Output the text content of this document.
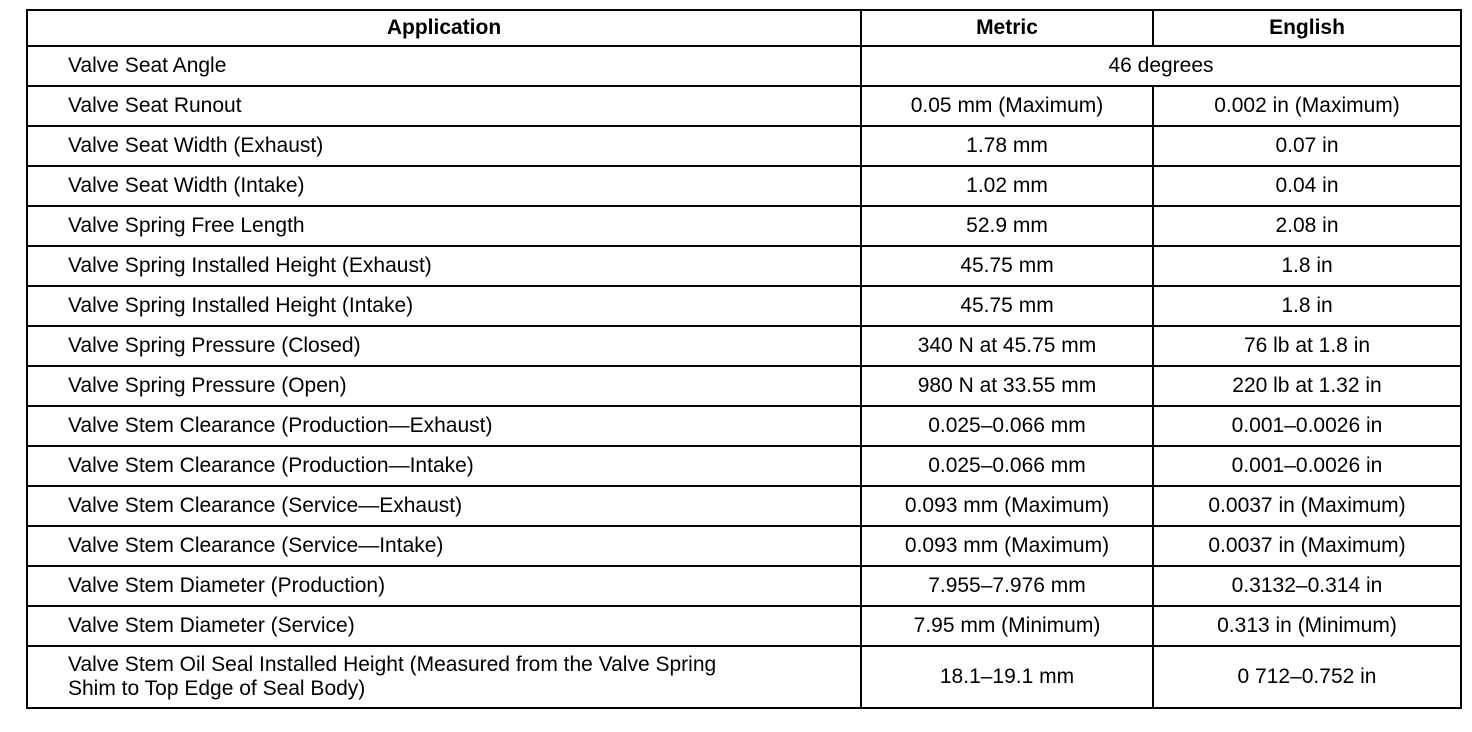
Application	Metric	English
Valve Seat Angle	46 degrees	
Valve Seat Runout	0.05 mm (Maximum)	0.002 in (Maximum)
Valve Seat Width (Exhaust)	1.78 mm	0.07 in
Valve Seat Width (Intake)	1.02 mm	0.04 in
Valve Spring Free Length	52.9 mm	2.08 in
Valve Spring Installed Height (Exhaust)	45.75 mm	1.8 in
Valve Spring Installed Height (Intake)	45.75 mm	1.8 in
Valve Spring Pressure (Closed)	340 N at 45.75 mm	76 lb at 1.8 in
Valve Spring Pressure (Open)	980 N at 33.55 mm	220 lb at 1.32 in
Valve Stem Clearance (Production—Exhaust)	0.025–0.066 mm	0.001–0.0026 in
Valve Stem Clearance (Production—Intake)	0.025–0.066 mm	0.001–0.0026 in
Valve Stem Clearance (Service—Exhaust)	0.093 mm (Maximum)	0.0037 in (Maximum)
Valve Stem Clearance (Service—Intake)	0.093 mm (Maximum)	0.0037 in (Maximum)
Valve Stem Diameter (Production)	7.955–7.976 mm	0.3132–0.314 in
Valve Stem Diameter (Service)	7.95 mm (Minimum)	0.313 in (Minimum)
Valve Stem Oil Seal Installed Height (Measured from the Valve Spring
Shim to Top Edge of Seal Body)	18.1–19.1 mm	0 712–0.752 in
